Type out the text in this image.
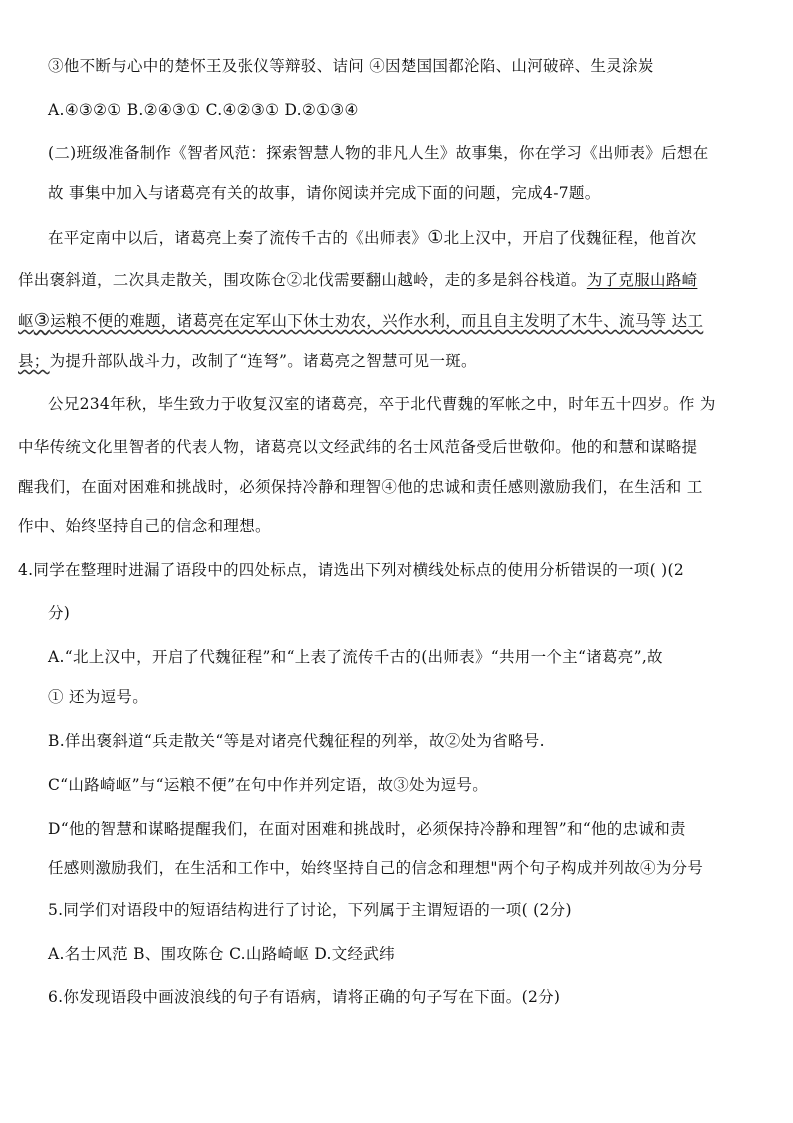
③他不断与心中的楚怀王及张仪等辩驳、诘问 ④因楚国国都沦陷、山河破碎、生灵涂炭
A.④③②① B.②④③① C.④②③① D.②①③④
(二)班级准备制作《智者风范：探索智慧人物的非凡人生》故事集，你在学习《出师表》后想在
故 事集中加入与诸葛亮有关的故事，请你阅读并完成下面的问题，完成4-7题。
在平定南中以后，诸葛亮上奏了流传千古的《出师表》①北上汉中，开启了伐魏征程，他首次
佯出褒斜道，二次具走散关，围攻陈仓②北伐需要翻山越岭，走的多是斜谷栈道。为了克服山路崎
岖③运粮不便的难题，诸葛亮在定军山下休士劝农，兴作水利，而且自主发明了木牛、流马等 达工
县；为提升部队战斗力，改制了“连弩”。诸葛亮之智慧可见一斑。
公兄234年秋，毕生致力于收复汉室的诸葛亮，卒于北代曹魏的军帐之中，时年五十四岁。作 为
中华传统文化里智者的代表人物，诸葛亮以文经武纬的名士风范备受后世敬仰。他的和慧和谋略提
醒我们，在面对困难和挑战时，必须保持冷静和理智④他的忠诚和责任感则激励我们，在生活和 工
作中、始终坚持自己的信念和理想。
4.同学在整理时进漏了语段中的四处标点，请选出下列对横线处标点的使用分析错误的一项( )(2
分)
A.“北上汉中，开启了代魏征程”和“上表了流传千古的(出师表》“共用一个主“诸葛亮”,故
① 还为逗号。
B.佯出褒斜道“兵走散关“等是对诸亮代魏征程的列举，故②处为省略号.
C“山路崎岖”与“运粮不便”在句中作并列定语，故③处为逗号。
D“他的智慧和谋略提醒我们，在面对困难和挑战时，必须保持冷静和理智”和“他的忠诚和责
任感则激励我们，在生活和工作中，始终坚持自己的信念和理想"两个句子构成并列故④为分号
5.同学们对语段中的短语结构进行了讨论，下列属于主谓短语的一项( (2分)
A.名士风范 B、围攻陈仓 C.山路崎岖 D.文经武纬
6.你发现语段中画波浪线的句子有语病，请将正确的句子写在下面。(2分)
